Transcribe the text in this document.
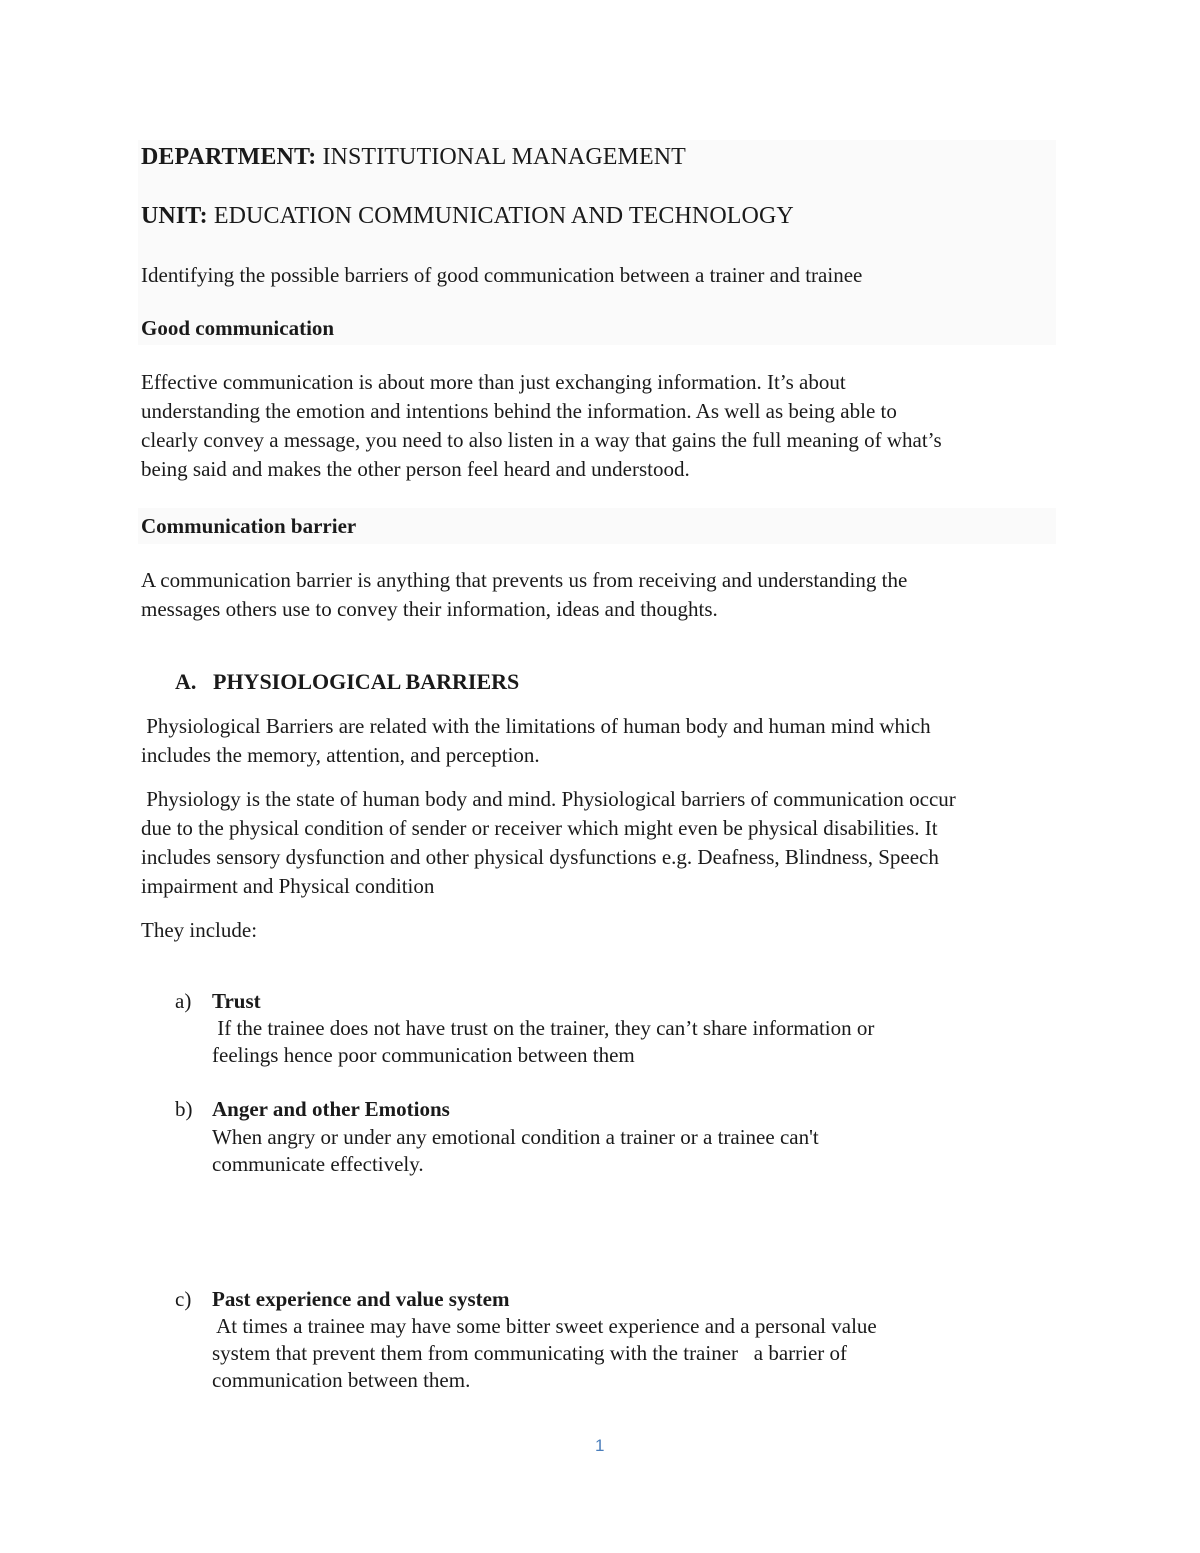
DEPARTMENT: INSTITUTIONAL MANAGEMENT
UNIT: EDUCATION COMMUNICATION AND TECHNOLOGY
Identifying the possible barriers of good communication between a trainer and trainee
Good communication
Effective communication is about more than just exchanging information. It’s about
understanding the emotion and intentions behind the information. As well as being able to
clearly convey a message, you need to also listen in a way that gains the full meaning of what’s
being said and makes the other person feel heard and understood.
Communication barrier
A communication barrier is anything that prevents us from receiving and understanding the
messages others use to convey their information, ideas and thoughts.
A. PHYSIOLOGICAL BARRIERS
Physiological Barriers are related with the limitations of human body and human mind which
includes the memory, attention, and perception.
Physiology is the state of human body and mind. Physiological barriers of communication occur
due to the physical condition of sender or receiver which might even be physical disabilities. It
includes sensory dysfunction and other physical dysfunctions e.g. Deafness, Blindness, Speech
impairment and Physical condition
They include:
a) Trust
If the trainee does not have trust on the trainer, they can’t share information or
feelings hence poor communication between them
b) Anger and other Emotions
When angry or under any emotional condition a trainer or a trainee can't
communicate effectively.
c) Past experience and value system
At times a trainee may have some bitter sweet experience and a personal value
system that prevent them from communicating with the trainer   a barrier of
communication between them.
1
